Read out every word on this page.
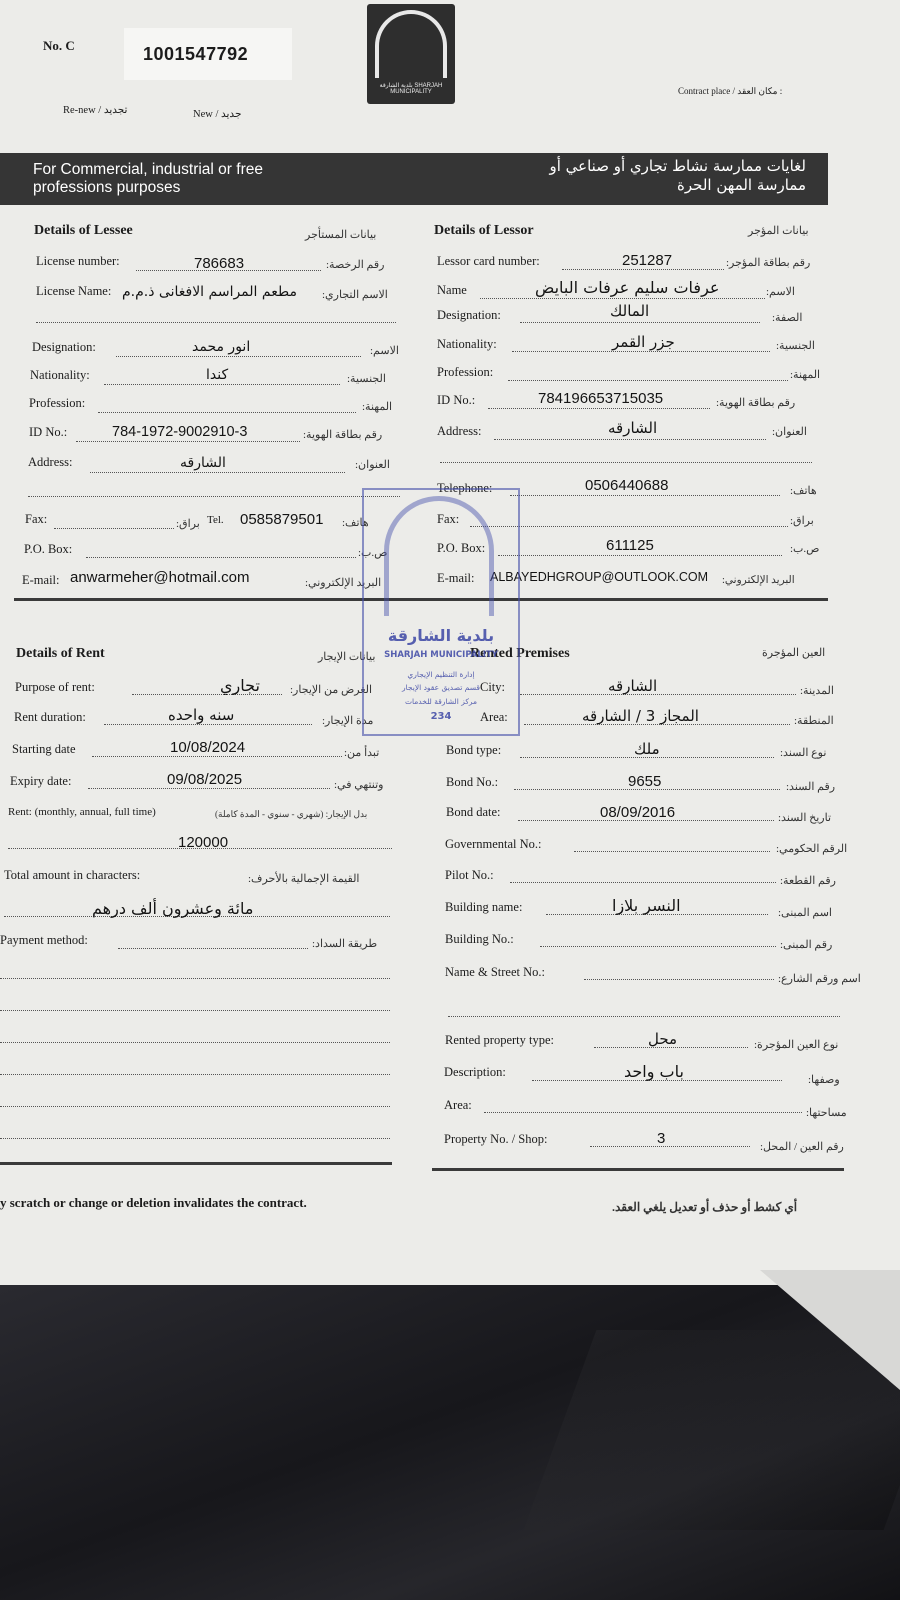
No. C	1001547792
Re-new / تجديد	New / جديد
Contract place / مكان العقد :
بلدية الشارقة SHARJAH MUNICIPALITY
For Commercial, industrial or free professions purposes
لغايات ممارسة نشاط تجاري أو صناعي أو ممارسة المهن الحرة
Details of Lessee	بيانات المستأجر
License number:	786683	رقم الرخصة:
License Name: مطعم المراسم الافغانى ذ.م.م الاسم التجاري:
Designation:	انور محمد	الاسم:
Nationality:	كندا	الجنسية:
Profession:	المهنة:
ID No.:	784-1972-9002910-3	رقم بطاقة الهوية:
Address:	الشارقه	العنوان:
Fax:	براق: Tel. 0585879501 هاتف:
P.O. Box:	ص.ب:
E-mail: anwarmeher@hotmail.com	البريد الإلكتروني:
Details of Lessor	بيانات المؤجر
Lessor card number:	251287	رقم بطاقة المؤجر:
Name	عرفات سليم عرفات البايض	الاسم:
Designation:	المالك	الصفة:
Nationality:	جزر القمر	الجنسية:
Profession:	المهنة:
ID No.:	784196653715035	رقم بطاقة الهوية:
Address:	الشارقه	العنوان:
Telephone:	0506440688	هاتف:
Fax:	براق:
P.O. Box:	611125	ص.ب:
E-mail: ALBAYEDHGROUP@OUTLOOK.COM البريد الإلكتروني:
Details of Rent	بيانات الإيجار
Purpose of rent:	تجاري	الغرض من الإيجار:
Rent duration:	سنه واحده	مدة الإيجار:
Starting date	10/08/2024	تبدأ من:
Expiry date:	09/08/2025	وتنتهي في:
Rent: (monthly, annual, full time)	بدل الإيجار: (شهري - سنوي - المدة كاملة)
120000
Total amount in characters:	القيمة الإجمالية بالأحرف:
مائة وعشرون ألف درهم
Payment method:	طريقة السداد:
Rented Premises	العين المؤجرة
City:	الشارقه	المدينة:
Area:	المجاز 3 / الشارقه	المنطقة:
Bond type:	ملك	نوع السند:
Bond No.:	9655	رقم السند:
Bond date:	08/09/2016	تاريخ السند:
Governmental No.:	الرقم الحكومي:
Pilot No.:	رقم القطعة:
Building name:	النسر بلازا	اسم المبنى:
Building No.:	رقم المبنى:
Name & Street No.:	اسم ورقم الشارع:
Rented property type:	محل	نوع العين المؤجرة:
Description:	باب واحد	وصفها:
Area:
مساحتها:
Property No. / Shop:	3	رقم العين / المحل:
y scratch or change or deletion invalidates the contract.	أي كشط أو حذف أو تعديل يلغي العقد.
بلدية الشارقة
SHARJAH MUNICIPALITY
إدارة التنظيم الإيجاري
قسم تصديق عقود الإيجار
مركز الشارقة للخدمات
234
